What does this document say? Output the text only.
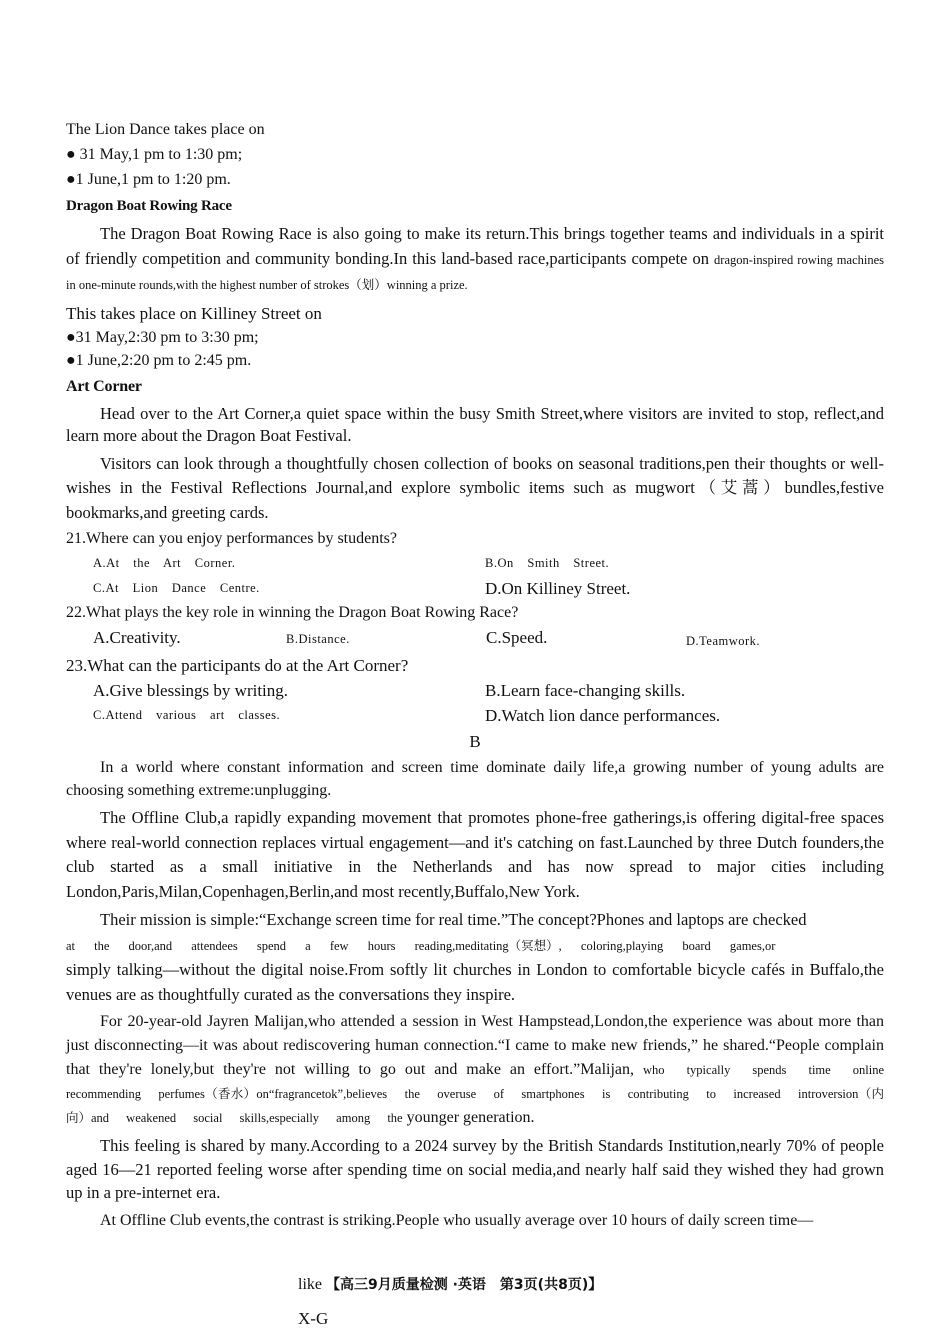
The Lion Dance takes place on

● 31 May,1 pm to 1:30 pm;

●1 June,1 pm to 1:20 pm.

Dragon Boat Rowing Race

The Dragon Boat Rowing Race is also going to make its return.This brings together teams and individuals in a spirit of friendly competition and community bonding.In this land-based race,participants compete on dragon-inspired rowing machines in one-minute rounds,with the highest number of strokes（划）winning a prize.

This takes place on Killiney Street on

●31 May,2:30 pm to 3:30 pm;

●1 June,2:20 pm to 2:45 pm.

Art Corner

Head over to the Art Corner,a quiet space within the busy Smith Street,where visitors are invited to stop, reflect,and learn more about the Dragon Boat Festival.

Visitors can look through a thoughtfully chosen collection of books on seasonal traditions,pen their thoughts or well-wishes in the Festival Reflections Journal,and explore symbolic items such as mugwort（艾蒿）bundles,festive bookmarks,and greeting cards.

21.Where can you enjoy performances by students?

A.At the Art Corner.	B.On Smith Street.
C.At Lion Dance Centre.	D.On Killiney Street.

22.What plays the key role in winning the Dragon Boat Rowing Race?

A.Creativity.	B.Distance.	C.Speed.	D.Teamwork.

23.What can the participants do at the Art Corner?

A.Give blessings by writing.	B.Learn face-changing skills.
C.Attend various art classes.	D.Watch lion dance performances.

B

In a world where constant information and screen time dominate daily life,a growing number of young adults are choosing something extreme:unplugging.

The Offline Club,a rapidly expanding movement that promotes phone-free gatherings,is offering digital-free spaces where real-world connection replaces virtual engagement—and it's catching on fast.Launched by three Dutch founders,the club started as a small initiative in the Netherlands and has now spread to major cities including London,Paris,Milan,Copenhagen,Berlin,and most recently,Buffalo,New York.

Their mission is simple:“Exchange screen time for real time.”The concept?Phones and laptops are checked
at the door,and attendees spend a few hours reading,meditating（冥想）, coloring,playing board games,or
simply talking—without the digital noise.From softly lit churches in London to comfortable bicycle cafés in Buffalo,the venues are as thoughtfully curated as the conversations they inspire.

For 20-year-old Jayren Malijan,who attended a session in West Hampstead,London,the experience was about more than just disconnecting—it was about rediscovering human connection.“I came to make new friends,” he shared.“People complain that they're lonely,but they're not willing to go out and make an effort.”Malijan, who typically spends time online recommending perfumes（香水）on“fragrancetok”,believes the overuse of smartphones is contributing to increased introversion（内向）and weakened social skills,especially among the younger generation.

This feeling is shared by many.According to a 2024 survey by the British Standards Institution,nearly 70% of people aged 16—21 reported feeling worse after spending time on social media,and nearly half said they wished they had grown up in a pre-internet era.

At Offline Club events,the contrast is striking.People who usually average over 10 hours of daily screen time—

like 【高三9月质量检测 ·英语　第3页(共8页)】
X-G
